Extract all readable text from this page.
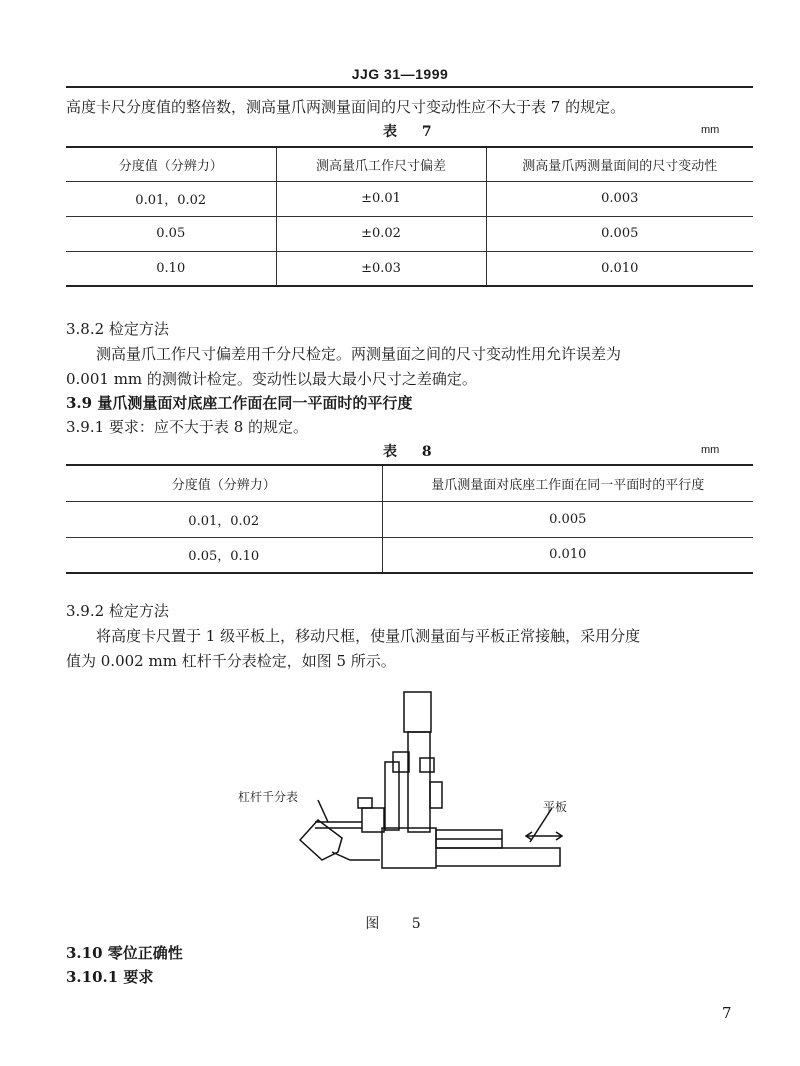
JJG 31—1999
高度卡尺分度值的整倍数，测高量爪两测量面间的尺寸变动性应不大于表 7 的规定。
表 7	mm
分度值（分辨力）	测高量爪工作尺寸偏差	测高量爪两测量面间的尺寸变动性
0.01，0.02	±0.01	0.003
0.05	±0.02	0.005
0.10	±0.03	0.010
3.8.2 检定方法
测高量爪工作尺寸偏差用千分尺检定。两测量面之间的尺寸变动性用允许误差为
0.001 mm 的测微计检定。变动性以最大最小尺寸之差确定。
3.9 量爪测量面对底座工作面在同一平面时的平行度
3.9.1 要求：应不大于表 8 的规定。
表 8	mm
分度值（分辨力）	量爪测量面对底座工作面在同一平面时的平行度
0.01，0.02	0.005
0.05，0.10	0.010
3.9.2 检定方法
将高度卡尺置于 1 级平板上，移动尺框，使量爪测量面与平板正常接触，采用分度
值为 0.002 mm 杠杆千分表检定，如图 5 所示。
杠杆千分表
平板
图 5
3.10 零位正确性
3.10.1 要求
7
